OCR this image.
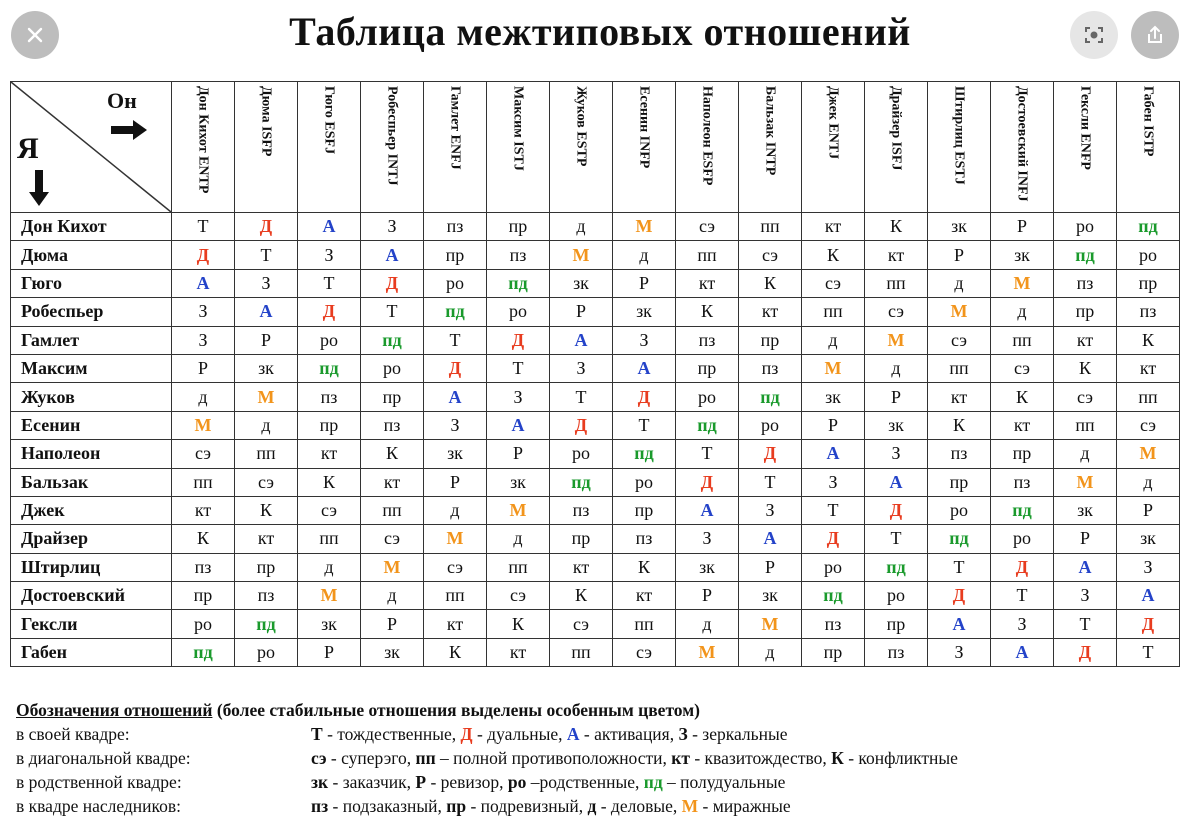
Таблица межтиповых отношений
Он
Я	Дон Кихот ENTP	Дюма ISFP	Гюго ESFJ	Робеспьер INTJ	Гамлет ENFJ	Максим ISTJ	Жуков ESTP	Есенин INFP	Наполеон ESFP	Бальзак INTP	Джек ENTJ	Драйзер ISFJ	Штирлиц ESTJ	Достоевский INFJ	Гексли ENFP	Габен ISTP

Дон Кихот	Т	Д	А	З	пз	пр	д	М	сэ	пп	кт	К	зк	Р	ро	пд
Дюма	Д	Т	З	А	пр	пз	М	д	пп	сэ	К	кт	Р	зк	пд	ро
Гюго	А	З	Т	Д	ро	пд	зк	Р	кт	К	сэ	пп	д	М	пз	пр
Робеспьер	З	А	Д	Т	пд	ро	Р	зк	К	кт	пп	сэ	М	д	пр	пз
Гамлет	З	Р	ро	пд	Т	Д	А	З	пз	пр	д	М	сэ	пп	кт	К
Максим	Р	зк	пд	ро	Д	Т	З	А	пр	пз	М	д	пп	сэ	К	кт
Жуков	д	М	пз	пр	А	З	Т	Д	ро	пд	зк	Р	кт	К	сэ	пп
Есенин	М	д	пр	пз	З	А	Д	Т	пд	ро	Р	зк	К	кт	пп	сэ
Наполеон	сэ	пп	кт	К	зк	Р	ро	пд	Т	Д	А	З	пз	пр	д	М
Бальзак	пп	сэ	К	кт	Р	зк	пд	ро	Д	Т	З	А	пр	пз	М	д
Джек	кт	К	сэ	пп	д	М	пз	пр	А	З	Т	Д	ро	пд	зк	Р
Драйзер	К	кт	пп	сэ	М	д	пр	пз	З	А	Д	Т	пд	ро	Р	зк
Штирлиц	пз	пр	д	М	сэ	пп	кт	К	зк	Р	ро	пд	Т	Д	А	З
Достоевский	пр	пз	М	д	пп	сэ	К	кт	Р	зк	пд	ро	Д	Т	З	А
Гексли	ро	пд	зк	Р	кт	К	сэ	пп	д	М	пз	пр	А	З	Т	Д
Габен	пд	ро	Р	зк	К	кт	пп	сэ	М	д	пр	пз	З	А	Д	Т
Обозначения отношений (более стабильные отношения выделены особенным цветом)
в своей квадре:	Т - тождественные, Д - дуальные, А - активация, З - зеркальные
в диагональной квадре:	сэ - суперэго, пп – полной противоположности, кт - квазитождество, К - конфликтные
в родственной квадре:	зк - заказчик, Р - ревизор, ро –родственные, пд – полудуальные
в квадре наследников:	пз - подзаказный, пр - подревизный, д - деловые, М - миражные
